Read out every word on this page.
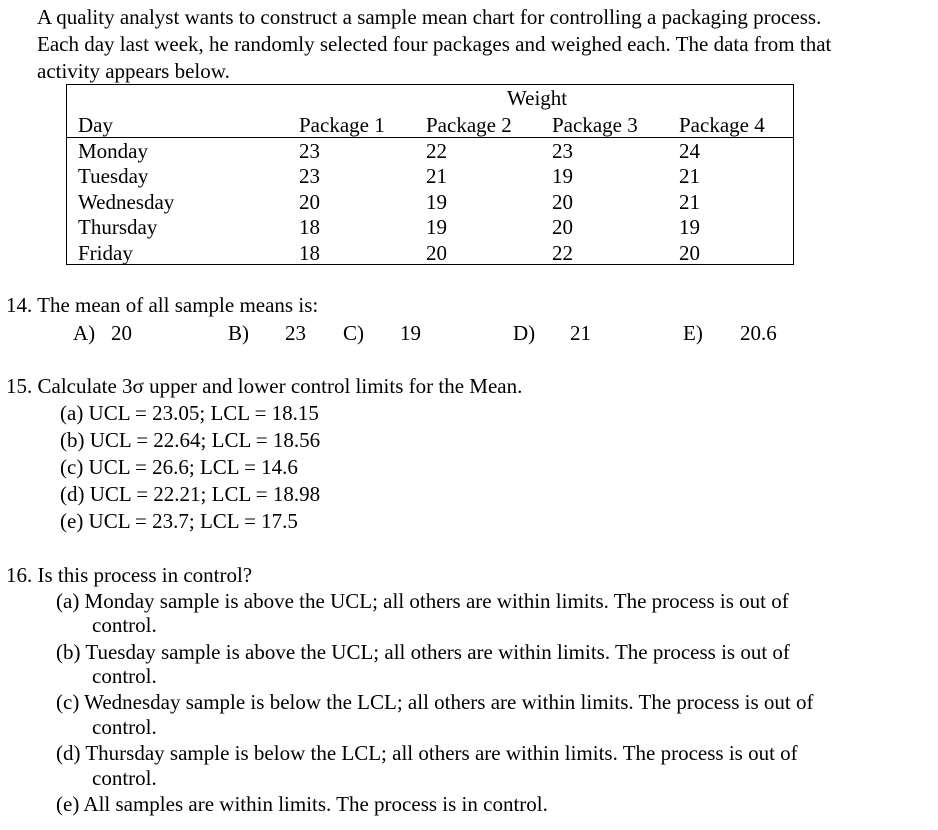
A quality analyst wants to construct a sample mean chart for controlling a packaging process.
Each day last week, he randomly selected four packages and weighed each. The data from that
activity appears below.
Weight
Day	Package 1 Package 2 Package 3 Package 4
Monday	23	22	23	24
Tuesday	23	21	19	21
Wednesday	20	19	20	21
Thursday	18	19	20	19
Friday	18	20	22	20
14. The mean of all sample means is:
A) 20	B) 23 C) 19	D) 21	E) 20.6
15. Calculate 3σ upper and lower control limits for the Mean.
(a) UCL = 23.05; LCL = 18.15
(b) UCL = 22.64; LCL = 18.56
(c) UCL = 26.6; LCL = 14.6
(d) UCL = 22.21; LCL = 18.98
(e) UCL = 23.7; LCL = 17.5
16. Is this process in control?
(a) Monday sample is above the UCL; all others are within limits. The process is out of
control.
(b) Tuesday sample is above the UCL; all others are within limits. The process is out of
control.
(c) Wednesday sample is below the LCL; all others are within limits. The process is out of
control.
(d) Thursday sample is below the LCL; all others are within limits. The process is out of
control.
(e) All samples are within limits. The process is in control.
